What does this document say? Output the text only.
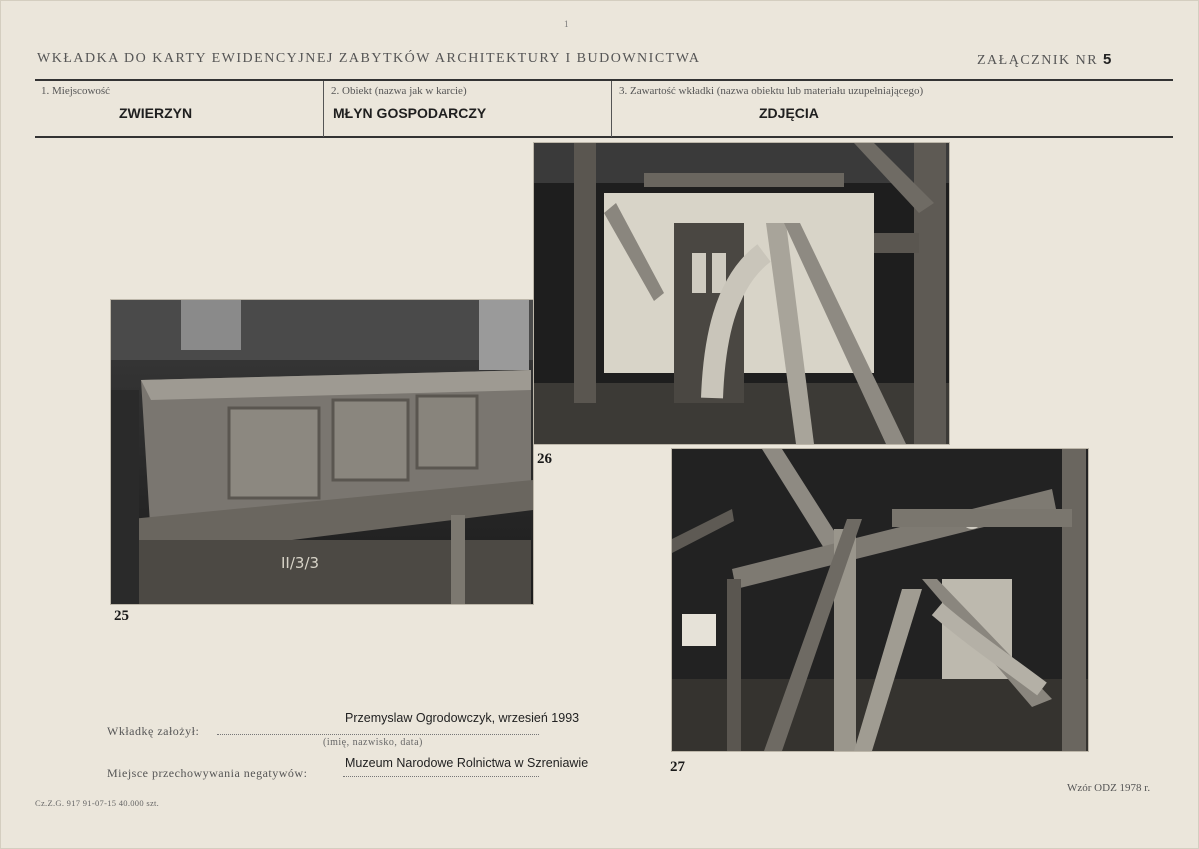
1
WKŁADKA DO KARTY EWIDENCYJNEJ ZABYTKÓW ARCHITEKTURY I BUDOWNICTWA	ZAŁĄCZNIK NR 5
1. Miejscowość
ZWIERZYN
2. Obiekt (nazwa jak w karcie)
MŁYN GOSPODARCZY
3. Zawartość wkładki (nazwa obiektu lub materiału uzupełniającego)
ZDJĘCIA
II/3/3
25
26
27
Wkładkę założył:
Przemyslaw Ogrodowczyk, wrzesień 1993
(imię, nazwisko, data)
Miejsce przechowywania negatywów:
Muzeum Narodowe Rolnictwa w Szreniawie
Wzór ODZ 1978 r.
Cz.Z.G. 917 91-07-15 40.000 szt.
